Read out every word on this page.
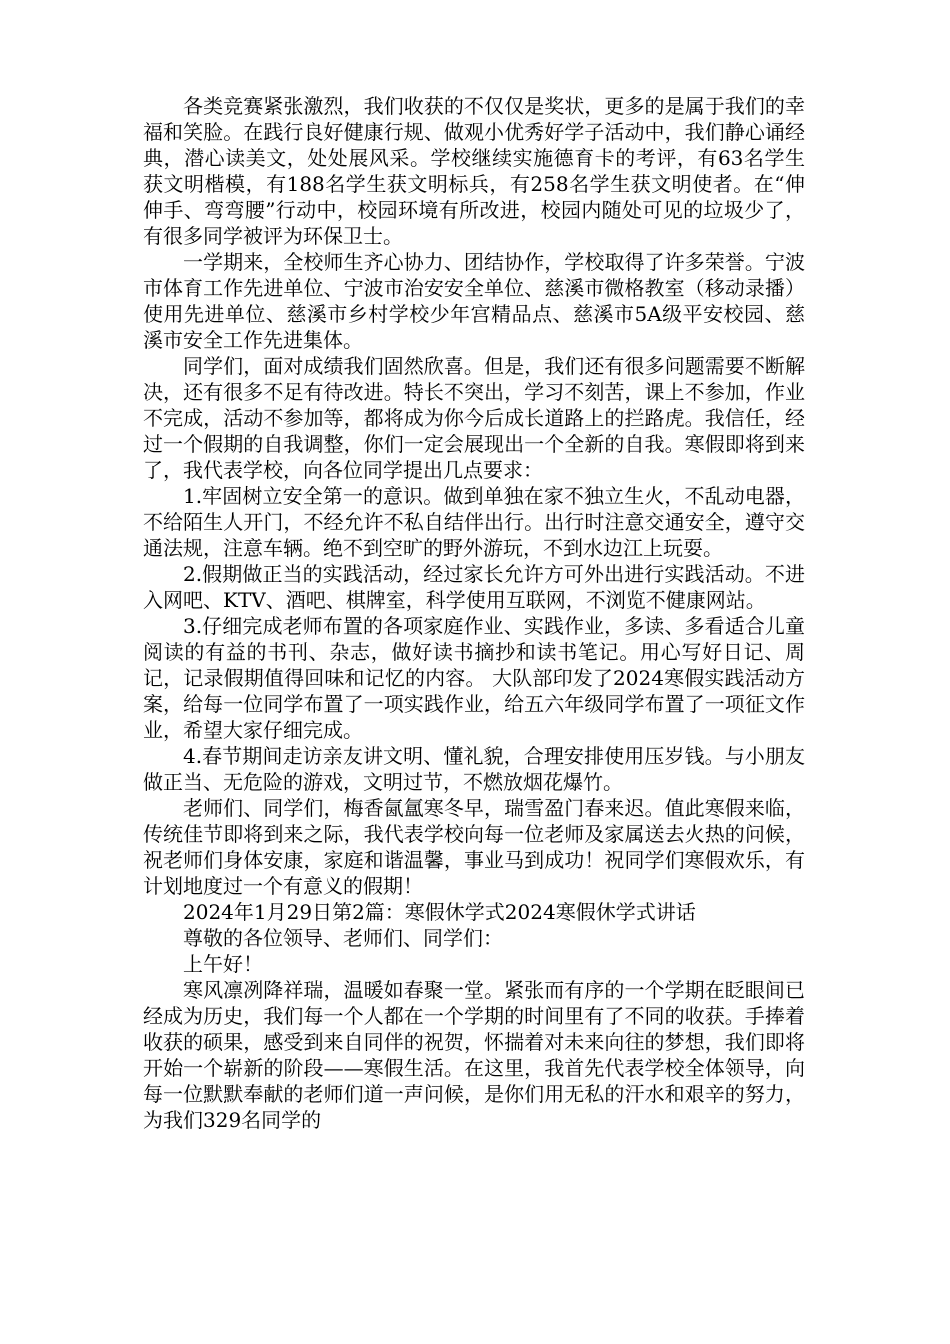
各类竞赛紧张激烈，我们收获的不仅仅是奖状，更多的是属于我们的幸福和笑脸。在践行良好健康行规、做观小优秀好学子活动中，我们静心诵经典，潜心读美文，处处展风采。学校继续实施德育卡的考评，有63名学生获文明楷模，有188名学生获文明标兵，有258名学生获文明使者。在“伸伸手、弯弯腰”行动中，校园环境有所改进，校园内随处可见的垃圾少了，有很多同学被评为环保卫士。

一学期来，全校师生齐心协力、团结协作，学校取得了许多荣誉。宁波市体育工作先进单位、宁波市治安安全单位、慈溪市微格教室（移动录播）使用先进单位、慈溪市乡村学校少年宫精品点、慈溪市5A级平安校园、慈溪市安全工作先进集体。

同学们，面对成绩我们固然欣喜。但是，我们还有很多问题需要不断解决，还有很多不足有待改进。特长不突出，学习不刻苦，课上不参加，作业不完成，活动不参加等，都将成为你今后成长道路上的拦路虎。我信任，经过一个假期的自我调整，你们一定会展现出一个全新的自我。寒假即将到来了，我代表学校，向各位同学提出几点要求：

1.牢固树立安全第一的意识。做到单独在家不独立生火，不乱动电器，不给陌生人开门，不经允许不私自结伴出行。出行时注意交通安全，遵守交通法规，注意车辆。绝不到空旷的野外游玩，不到水边江上玩耍。

2.假期做正当的实践活动，经过家长允许方可外出进行实践活动。不进入网吧、KTV、酒吧、棋牌室，科学使用互联网，不浏览不健康网站。

3.仔细完成老师布置的各项家庭作业、实践作业，多读、多看适合儿童阅读的有益的书刊、杂志，做好读书摘抄和读书笔记。用心写好日记、周记，记录假期值得回味和记忆的内容。 大队部印发了2024寒假实践活动方案，给每一位同学布置了一项实践作业，给五六年级同学布置了一项征文作业，希望大家仔细完成。

4.春节期间走访亲友讲文明、懂礼貌，合理安排使用压岁钱。与小朋友做正当、无危险的游戏，文明过节，不燃放烟花爆竹。

老师们、同学们，梅香氤氲寒冬早，瑞雪盈门春来迟。值此寒假来临，传统佳节即将到来之际，我代表学校向每一位老师及家属送去火热的问候，祝老师们身体安康，家庭和谐温馨，事业马到成功！祝同学们寒假欢乐，有计划地度过一个有意义的假期！

2024年1月29日第2篇：寒假休学式2024寒假休学式讲话

尊敬的各位领导、老师们、同学们：

上午好！

寒风凛冽降祥瑞，温暖如春聚一堂。紧张而有序的一个学期在眨眼间已经成为历史，我们每一个人都在一个学期的时间里有了不同的收获。手捧着收获的硕果，感受到来自同伴的祝贺，怀揣着对未来向往的梦想，我们即将开始一个崭新的阶段——寒假生活。在这里，我首先代表学校全体领导，向每一位默默奉献的老师们道一声问候，是你们用无私的汗水和艰辛的努力，为我们329名同学的
